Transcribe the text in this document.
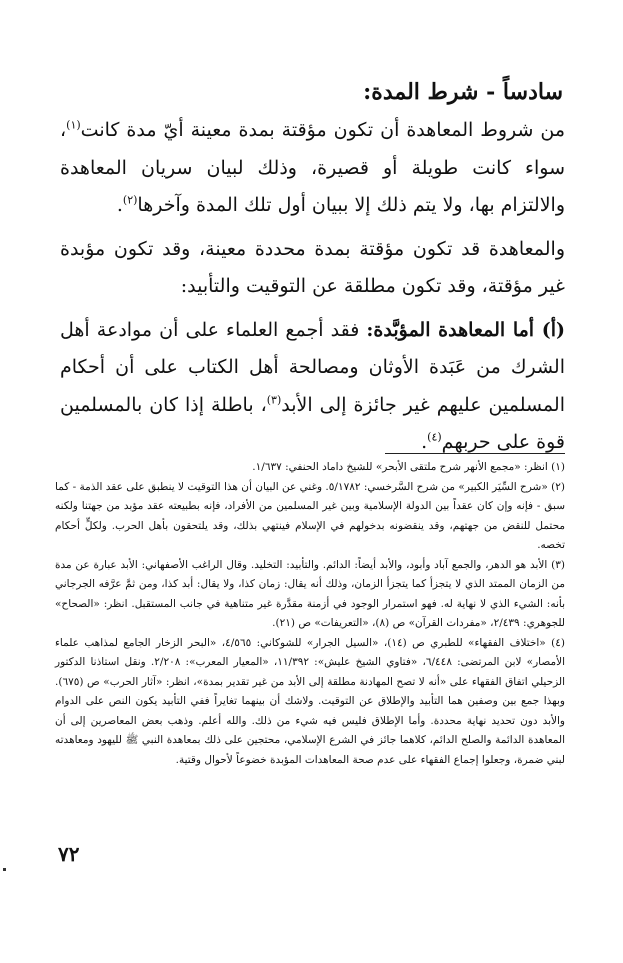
سادساً - شرط المدة:

من شروط المعاهدة أن تكون مؤقتة بمدة معينة أيّ مدة كانت$^{(١)}$، سواء كانت طويلة أو قصيرة، وذلك لبيان سريان المعاهدة والالتزام بها، ولا يتم ذلك إلا ببيان أول تلك المدة وآخرها$^{(٢)}$.

والمعاهدة قد تكون مؤقتة بمدة محددة معينة، وقد تكون مؤبدة غير مؤقتة، وقد تكون مطلقة عن التوقيت والتأبيد:

(أ) أما المعاهدة المؤبَّدة: فقد أجمع العلماء على أن موادعة أهل الشرك من عَبَدة الأوثان ومصالحة أهل الكتاب على أن أحكام المسلمين عليهم غير جائزة إلى الأبد$^{(٣)}$، باطلة إذا كان بالمسلمين قوة على حربهم$^{(٤)}$.

(١) انظر: «مجمع الأنهر شرح ملتقى الأبحر» للشيخ داماد الحنفي: ١/٦٣٧.

(٢) «شرح السِّيَر الكبير» من شرح السَّرخسي: ٥/١٧٨٢. وغني عن البيان أن هذا التوقيت لا ينطبق على عقد الذمة - كما سبق - فإنه وإن كان عقداً بين الدولة الإسلامية وبين غير المسلمين من الأفراد، فإنه بطبيعته عقد مؤبد من جهتنا ولكنه محتمل للنقض من جهتهم، وقد ينقضونه بدخولهم في الإسلام فينتهي بذلك، وقد يلتحقون بأهل الحرب. ولكلٍّ أحكام تخصه.

(٣) الأبد هو الدهر، والجمع آباد وأبود، والأبد أيضاً: الدائم. والتأبيد: التخليد. وقال الراغب الأصفهاني: الأبد عبارة عن مدة من الزمان الممتد الذي لا يتجزأ كما يتجزأ الزمان، وذلك أنه يقال: زمان كذا، ولا يقال: أبد كذا، ومن ثمَّ عرَّفه الجرجاني بأنه: الشيء الذي لا نهاية له. فهو استمرار الوجود في أزمنة مقدَّرة غير متناهية في جانب المستقبل. انظر: «الصحاح» للجوهري: ٢/٤٣٩، «مفردات القرآن» ص (٨)، «التعريفات» ص (٢١).

(٤) «اختلاف الفقهاء» للطبري ص (١٤)، «السيل الجرار» للشوكاني: ٤/٥٦٥، «البحر الزخار الجامع لمذاهب علماء الأمصار» لابن المرتضى: ٦/٤٤٨، «فتاوي الشيخ عليش»: ١١/٣٩٢، «المعيار المعرب»: ٢/٢٠٨. ونقل استاذنا الدكتور الزحيلي اتفاق الفقهاء على «أنه لا تصح المهادنة مطلقة إلى الأبد من غير تقدير بمدة»، انظر: «آثار الحرب» ص (٦٧٥). وبهذا جمع بين وصفين هما التأبيد والإطلاق عن التوقيت. ولاشك أن بينهما تغايراً ففي التأبيد يكون النص على الدوام والأبد دون تحديد نهاية محددة. وأما الإطلاق فليس فيه شيء من ذلك. والله أعلم. وذهب بعض المعاصرين إلى أن المعاهدة الدائمة والصلح الدائم، كلاهما جائز في الشرع الإسلامي، محتجين على ذلك بمعاهدة النبي ﷺ لليهود ومعاهدته لبني ضمرة، وجعلوا إجماع الفقهاء على عدم صحة المعاهدات المؤبدة خضوعاً لأحوال وقتية.

٧٢
